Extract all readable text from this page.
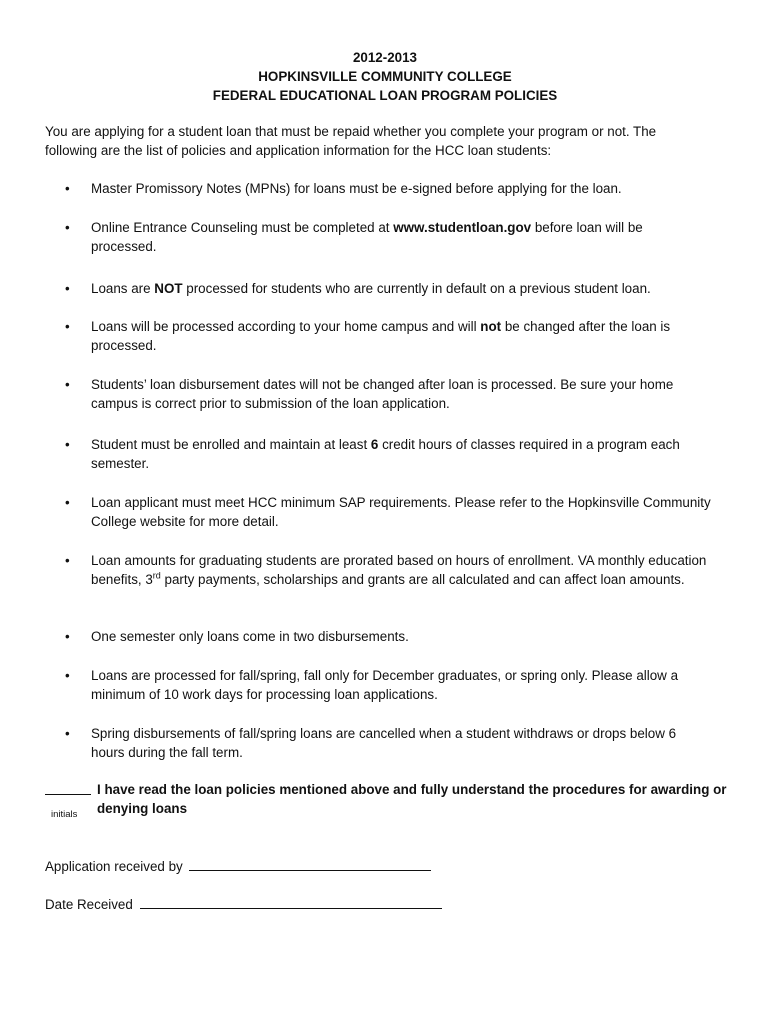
2012-2013
HOPKINSVILLE COMMUNITY COLLEGE
FEDERAL EDUCATIONAL LOAN PROGRAM POLICIES
You are applying for a student loan that must be repaid whether you complete your program or not. The following are the list of policies and application information for the HCC loan students:
•	Master Promissory Notes (MPNs) for loans must be e-signed before applying for the loan.
•	Online Entrance Counseling must be completed at www.studentloan.gov before loan will be processed.
•	Loans are NOT processed for students who are currently in default on a previous student loan.
•	Loans will be processed according to your home campus and will not be changed after the loan is processed.
•	Students’ loan disbursement dates will not be changed after loan is processed. Be sure your home campus is correct prior to submission of the loan application.
•	Student must be enrolled and maintain at least 6 credit hours of classes required in a program each semester.
•	Loan applicant must meet HCC minimum SAP requirements. Please refer to the Hopkinsville Community College website for more detail.
•	Loan amounts for graduating students are prorated based on hours of enrollment. VA monthly education benefits, 3rd party payments, scholarships and grants are all calculated and can affect loan amounts.
•	One semester only loans come in two disbursements.
•	Loans are processed for fall/spring, fall only for December graduates, or spring only. Please allow a minimum of 10 work days for processing loan applications.
•	Spring disbursements of fall/spring loans are cancelled when a student withdraws or drops below 6 hours during the fall term.
I have read the loan policies mentioned above and fully understand the procedures for awarding or denying loans
initials
Application received by
Date Received
